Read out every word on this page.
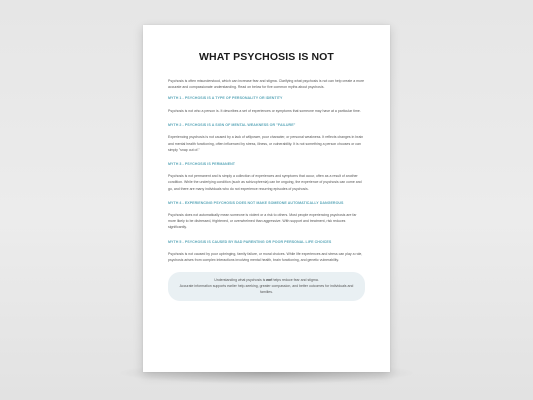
WHAT PSYCHOSIS IS NOT

Psychosis is often misunderstood, which can increase fear and stigma. Clarifying what psychosis is not can help create a more accurate and compassionate understanding. Read on below for five common myths about psychosis.

MYTH 1 - PSYCHOSIS IS A TYPE OF PERSONALITY OR IDENTITY

Psychosis is not who a person is. It describes a set of experiences or symptoms that someone may have at a particular time.

MYTH 2 - PSYCHOSIS IS A SIGN OF MENTAL WEAKNESS OR "FAILURE"

Experiencing psychosis is not caused by a lack of willpower, poor character, or personal weakness. It reflects changes in brain and mental health functioning, often influenced by stress, illness, or vulnerability. It is not something a person chooses or can simply "snap out of."

MYTH 3 - PSYCHOSIS IS PERMANENT

Psychosis is not permanent and is simply a collection of experiences and symptoms that occur, often as a result of another condition. While the underlying condition (such as schizophrenia) can be ongoing, the experience of psychosis can come and go, and there are many individuals who do not experience recurring episodes of psychosis.

MYTH 4 - EXPERIENCING PSYCHOSIS DOES NOT MAKE SOMEONE AUTOMATICALLY DANGEROUS

Psychosis does not automatically mean someone is violent or a risk to others. Most people experiencing psychosis are far more likely to be distressed, frightened, or overwhelmed than aggressive. With support and treatment, risk reduces significantly.

MYTH 5 - PSYCHOSIS IS CAUSED BY BAD PARENTING OR POOR PERSONAL LIFE CHOICES

Psychosis is not caused by poor upbringing, family failure, or moral choices. While life experiences and stress can play a role, psychosis arises from complex interactions involving mental health, brain functioning, and genetic vulnerability.

Understanding what psychosis is not helps reduce fear and stigma.
Accurate information supports earlier help-seeking, greater compassion, and better outcomes for individuals and families.
